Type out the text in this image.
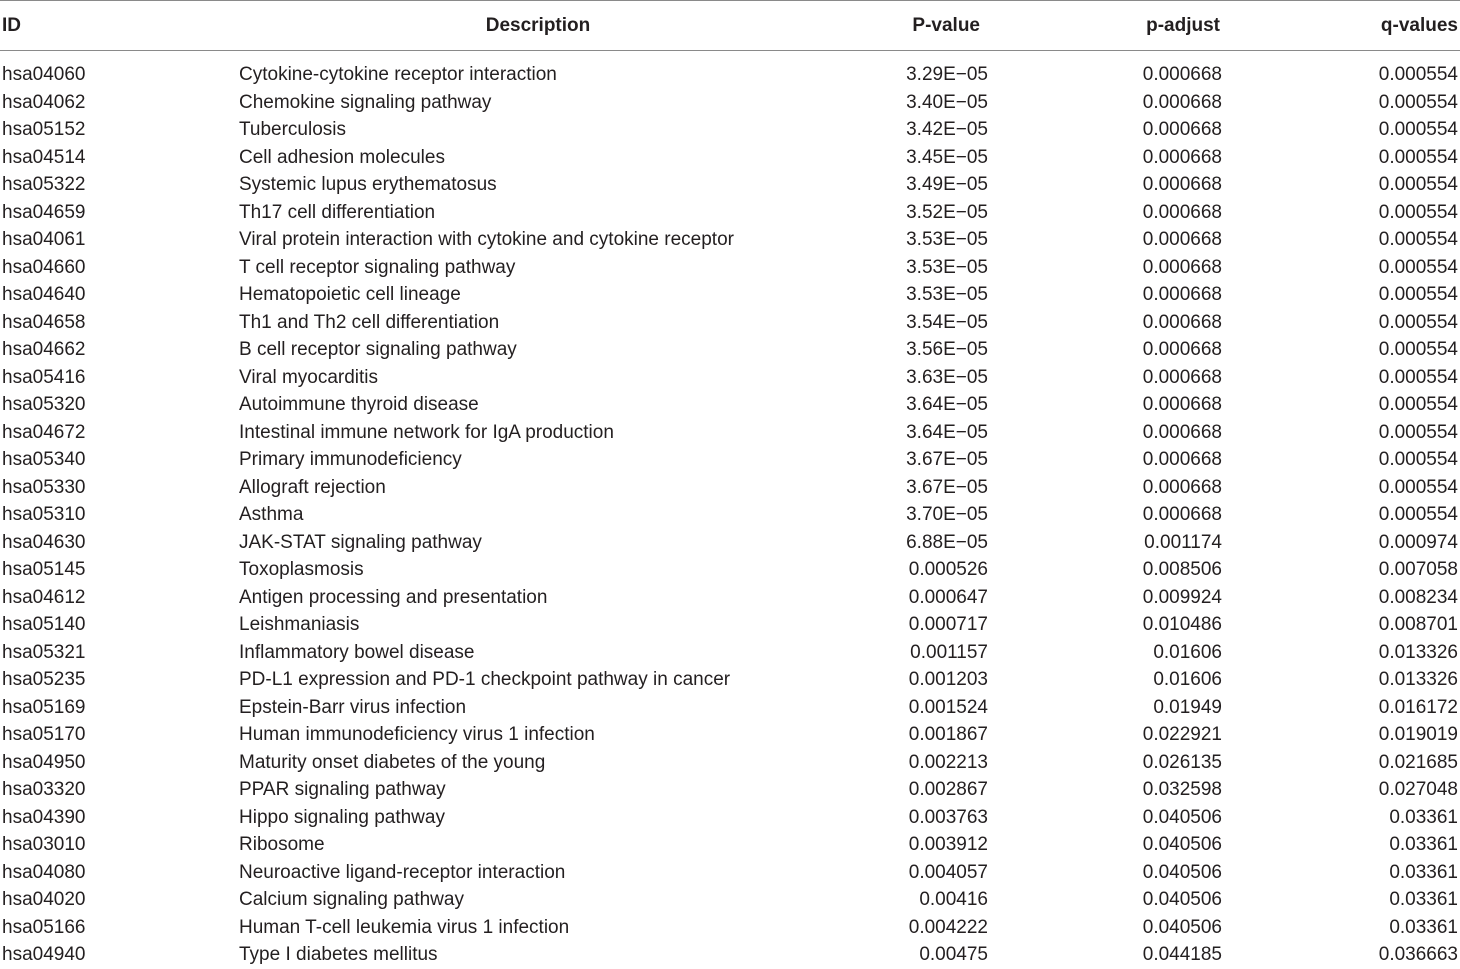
ID	Description	P-value	p-adjust	q-values
hsa04060	Cytokine-cytokine receptor interaction	3.29E−05	0.000668	0.000554
hsa04062	Chemokine signaling pathway	3.40E−05	0.000668	0.000554
hsa05152	Tuberculosis	3.42E−05	0.000668	0.000554
hsa04514	Cell adhesion molecules	3.45E−05	0.000668	0.000554
hsa05322	Systemic lupus erythematosus	3.49E−05	0.000668	0.000554
hsa04659	Th17 cell differentiation	3.52E−05	0.000668	0.000554
hsa04061	Viral protein interaction with cytokine and cytokine receptor	3.53E−05	0.000668	0.000554
hsa04660	T cell receptor signaling pathway	3.53E−05	0.000668	0.000554
hsa04640	Hematopoietic cell lineage	3.53E−05	0.000668	0.000554
hsa04658	Th1 and Th2 cell differentiation	3.54E−05	0.000668	0.000554
hsa04662	B cell receptor signaling pathway	3.56E−05	0.000668	0.000554
hsa05416	Viral myocarditis	3.63E−05	0.000668	0.000554
hsa05320	Autoimmune thyroid disease	3.64E−05	0.000668	0.000554
hsa04672	Intestinal immune network for IgA production	3.64E−05	0.000668	0.000554
hsa05340	Primary immunodeficiency	3.67E−05	0.000668	0.000554
hsa05330	Allograft rejection	3.67E−05	0.000668	0.000554
hsa05310	Asthma	3.70E−05	0.000668	0.000554
hsa04630	JAK-STAT signaling pathway	6.88E−05	0.001174	0.000974
hsa05145	Toxoplasmosis	0.000526	0.008506	0.007058
hsa04612	Antigen processing and presentation	0.000647	0.009924	0.008234
hsa05140	Leishmaniasis	0.000717	0.010486	0.008701
hsa05321	Inflammatory bowel disease	0.001157	0.01606	0.013326
hsa05235	PD-L1 expression and PD-1 checkpoint pathway in cancer	0.001203	0.01606	0.013326
hsa05169	Epstein-Barr virus infection	0.001524	0.01949	0.016172
hsa05170	Human immunodeficiency virus 1 infection	0.001867	0.022921	0.019019
hsa04950	Maturity onset diabetes of the young	0.002213	0.026135	0.021685
hsa03320	PPAR signaling pathway	0.002867	0.032598	0.027048
hsa04390	Hippo signaling pathway	0.003763	0.040506	0.03361
hsa03010	Ribosome	0.003912	0.040506	0.03361
hsa04080	Neuroactive ligand-receptor interaction	0.004057	0.040506	0.03361
hsa04020	Calcium signaling pathway	0.00416	0.040506	0.03361
hsa05166	Human T-cell leukemia virus 1 infection	0.004222	0.040506	0.03361
hsa04940	Type I diabetes mellitus	0.00475	0.044185	0.036663
